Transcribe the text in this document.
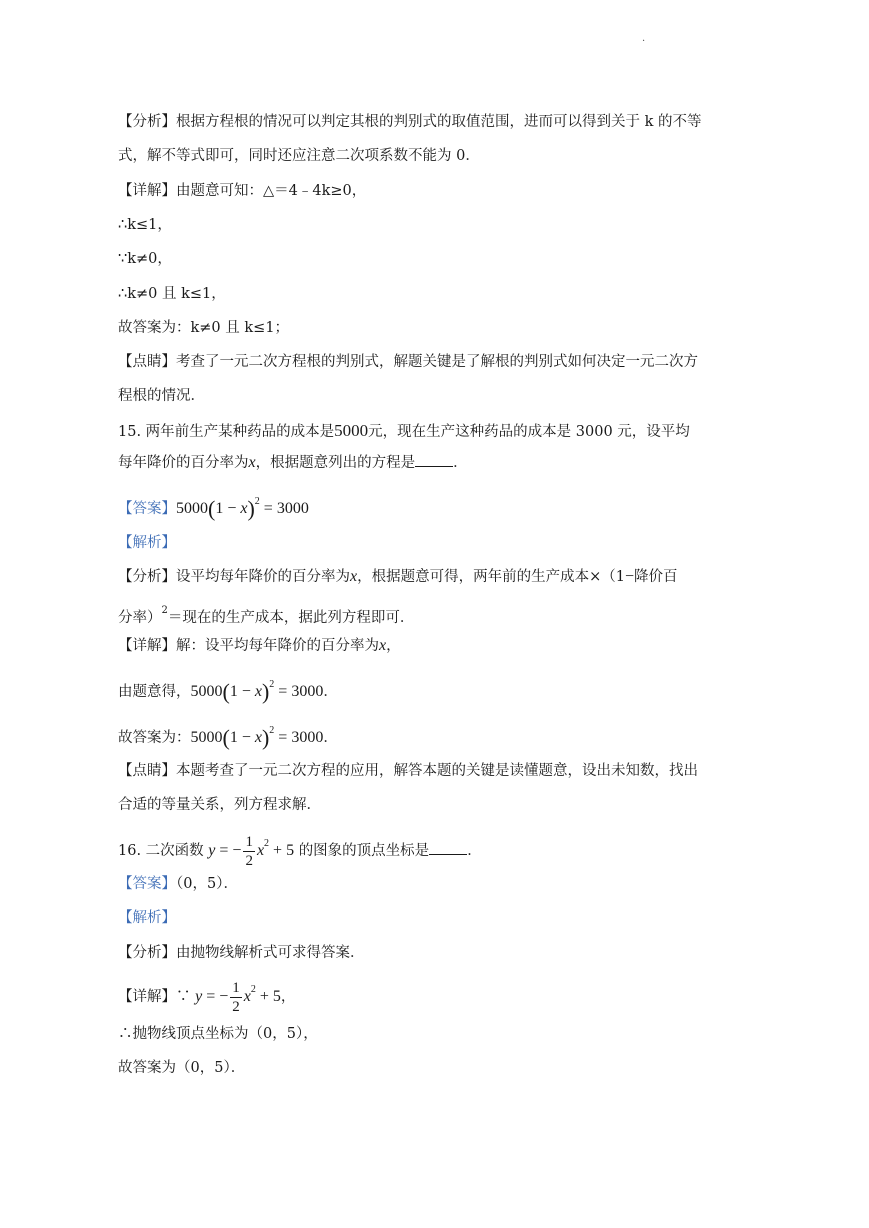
·
【分析】根据方程根的情况可以判定其根的判别式的取值范围，进而可以得到关于 k 的不等
式，解不等式即可，同时还应注意二次项系数不能为 0．
【详解】由题意可知：△＝4﹣4k≥0，
∴k≤1，
∵k≠0，
∴k≠0 且 k≤1，
故答案为：k≠0 且 k≤1；
【点睛】考查了一元二次方程根的判别式，解题关键是了解根的判别式如何决定一元二次方
程根的情况．
15. 两年前生产某种药品的成本是5000元，现在生产这种药品的成本是 3000 元，设平均
每年降价的百分率为x，根据题意列出的方程是	．
【答案】$5000(1 - x)^2 = 3000$
【解析】
【分析】设平均每年降价的百分率为x，根据题意可得，两年前的生产成本×（1−降价百
分率）$^2$＝现在的生产成本，据此列方程即可．
【详解】解：设平均每年降价的百分率为x，
由题意得，$5000(1 - x)^2 = 3000$．
故答案为：$5000(1 - x)^2 = 3000$．
【点睛】本题考查了一元二次方程的应用，解答本题的关键是读懂题意，设出未知数，找出
合适的等量关系，列方程求解．
16. 二次函数 y = − $\frac{1}{2} x^2 + 5$ 的图象的顶点坐标是	．
【答案】（0，5）．
【解析】
【分析】由抛物线解析式可求得答案．
【详解】∵ y = − $\frac{1}{2} x^2 + 5$，
∴抛物线顶点坐标为（0，5），
故答案为（0，5）．
